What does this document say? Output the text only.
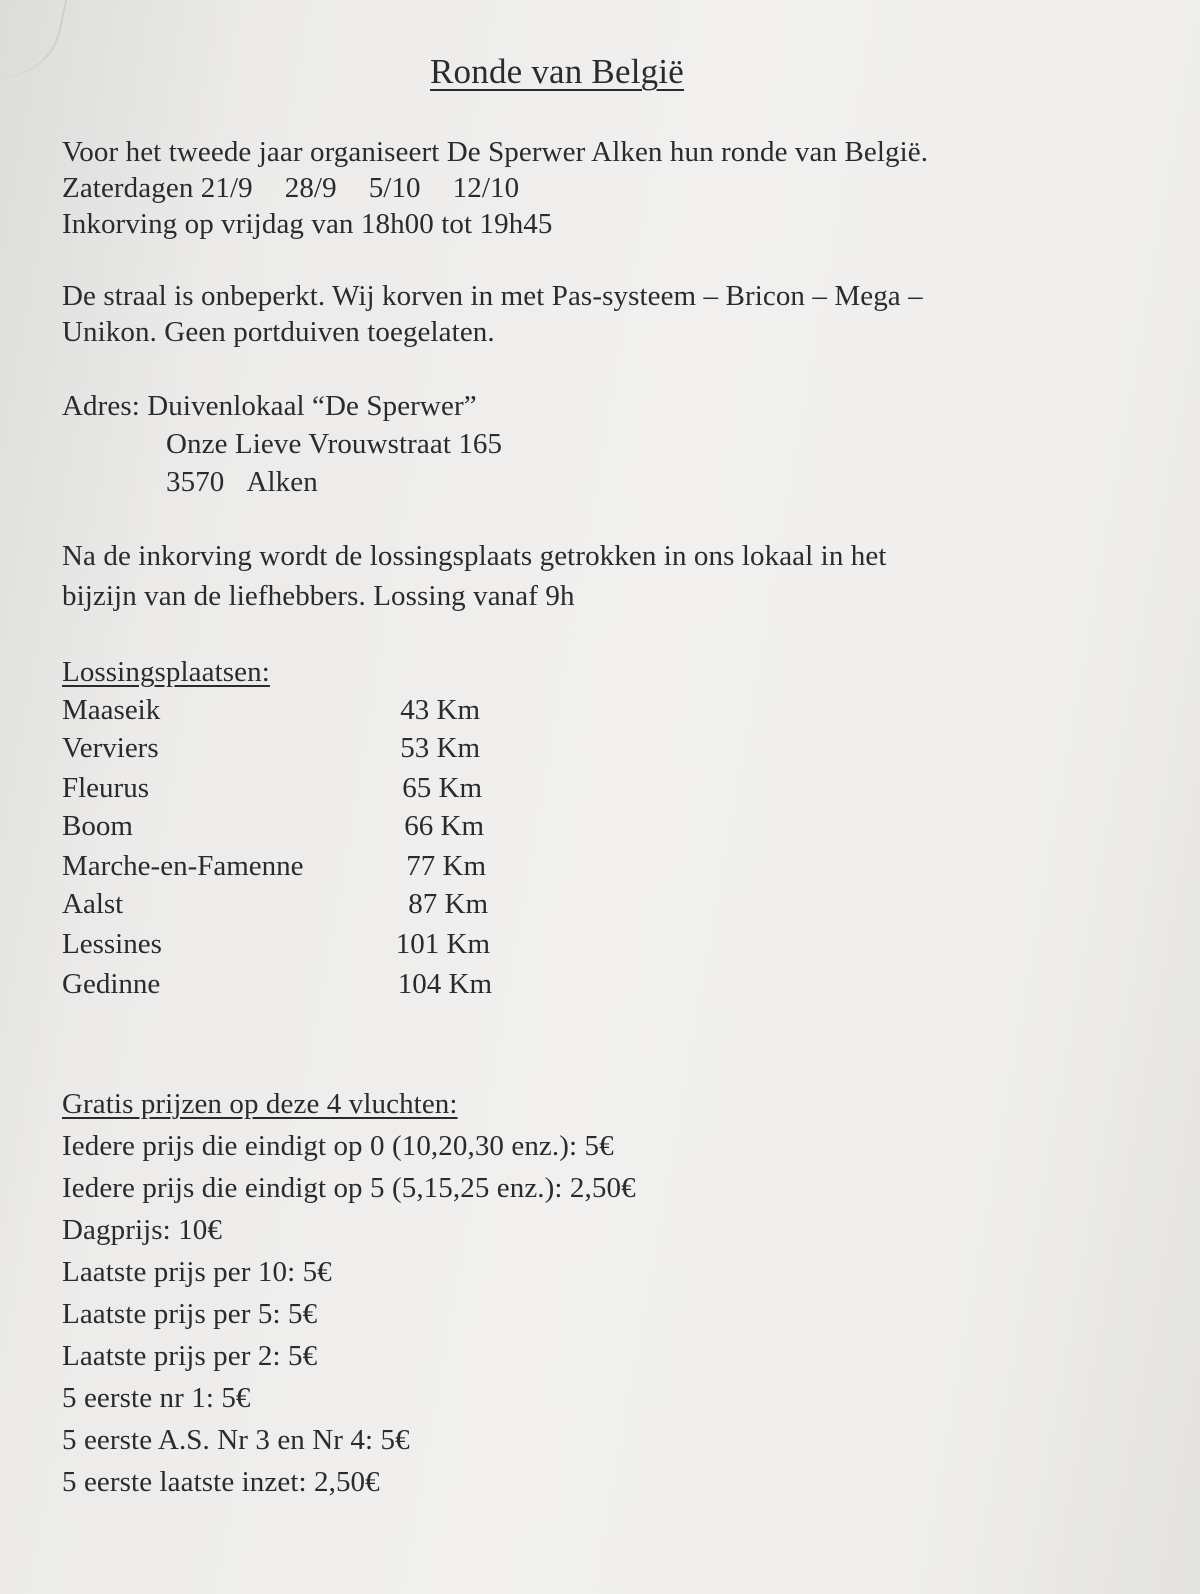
Ronde van België
Voor het tweede jaar organiseert De Sperwer Alken hun ronde van België.
Zaterdagen 21/9 28/9 5/10 12/10
Inkorving op vrijdag van 18h00 tot 19h45
De straal is onbeperkt. Wij korven in met Pas-systeem – Bricon – Mega –
Unikon. Geen portduiven toegelaten.
Adres: Duivenlokaal “De Sperwer”
Onze Lieve Vrouwstraat 165
3570 Alken
Na de inkorving wordt de lossingsplaats getrokken in ons lokaal in het
bijzijn van de liefhebbers. Lossing vanaf 9h
Lossingsplaatsen:
Maaseik	43 Km
Verviers	53 Km
Fleurus	65 Km
Boom	66 Km
Marche-en-Famenne	77 Km
Aalst	87 Km
Lessines	101 Km
Gedinne	104 Km
Gratis prijzen op deze 4 vluchten:
Iedere prijs die eindigt op 0 (10,20,30 enz.): 5€
Iedere prijs die eindigt op 5 (5,15,25 enz.): 2,50€
Dagprijs: 10€
Laatste prijs per 10: 5€
Laatste prijs per 5: 5€
Laatste prijs per 2: 5€
5 eerste nr 1: 5€
5 eerste A.S. Nr 3 en Nr 4: 5€
5 eerste laatste inzet: 2,50€
